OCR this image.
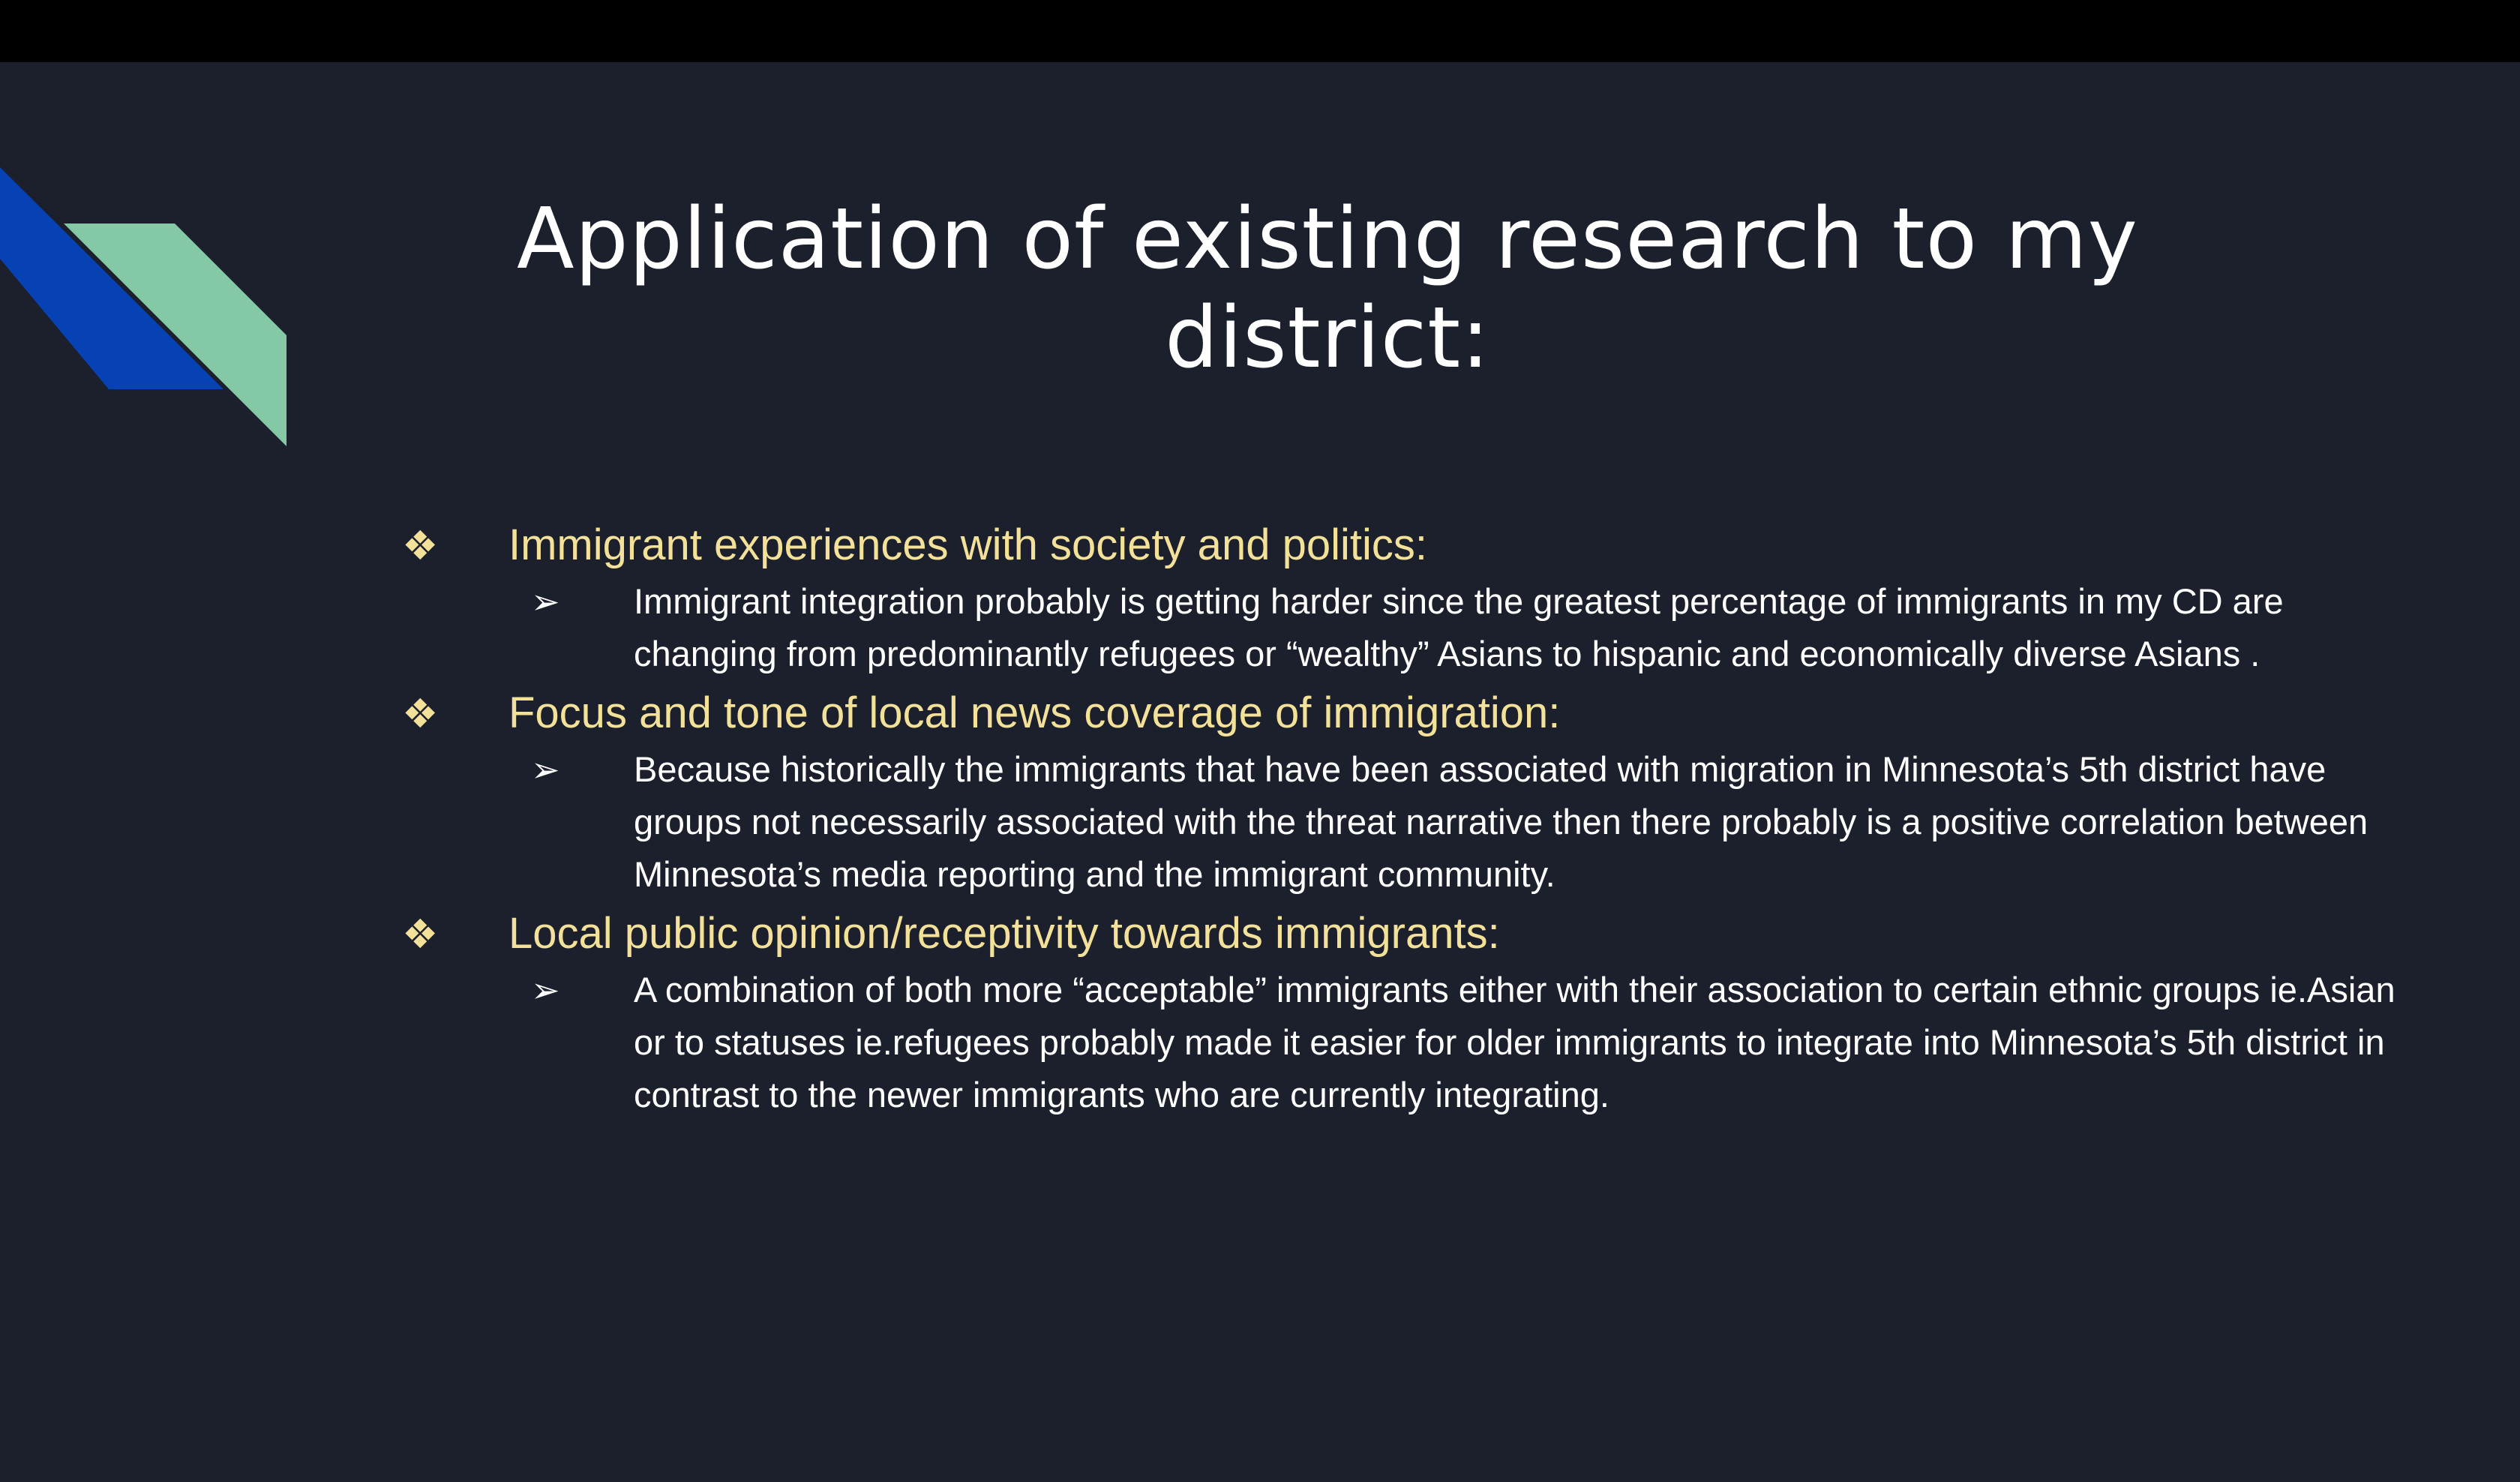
Application of existing research to my district:
❖ Immigrant experiences with society and politics:
➢ Immigrant integration probably is getting harder since the greatest percentage of immigrants in my CD are changing from predominantly refugees or “wealthy” Asians to hispanic and economically diverse Asians .
❖ Focus and tone of local news coverage of immigration:
➢ Because historically the immigrants that have been associated with migration in Minnesota’s 5th district have groups not necessarily associated with the threat narrative then there probably is a positive correlation between Minnesota’s media reporting and the immigrant community.
❖ Local public opinion/receptivity towards immigrants:
➢ A combination of both more “acceptable” immigrants either with their association to certain ethnic groups ie.Asian or to statuses ie.refugees probably made it easier for older immigrants to integrate into Minnesota’s 5th district in contrast to the newer immigrants who are currently integrating.
